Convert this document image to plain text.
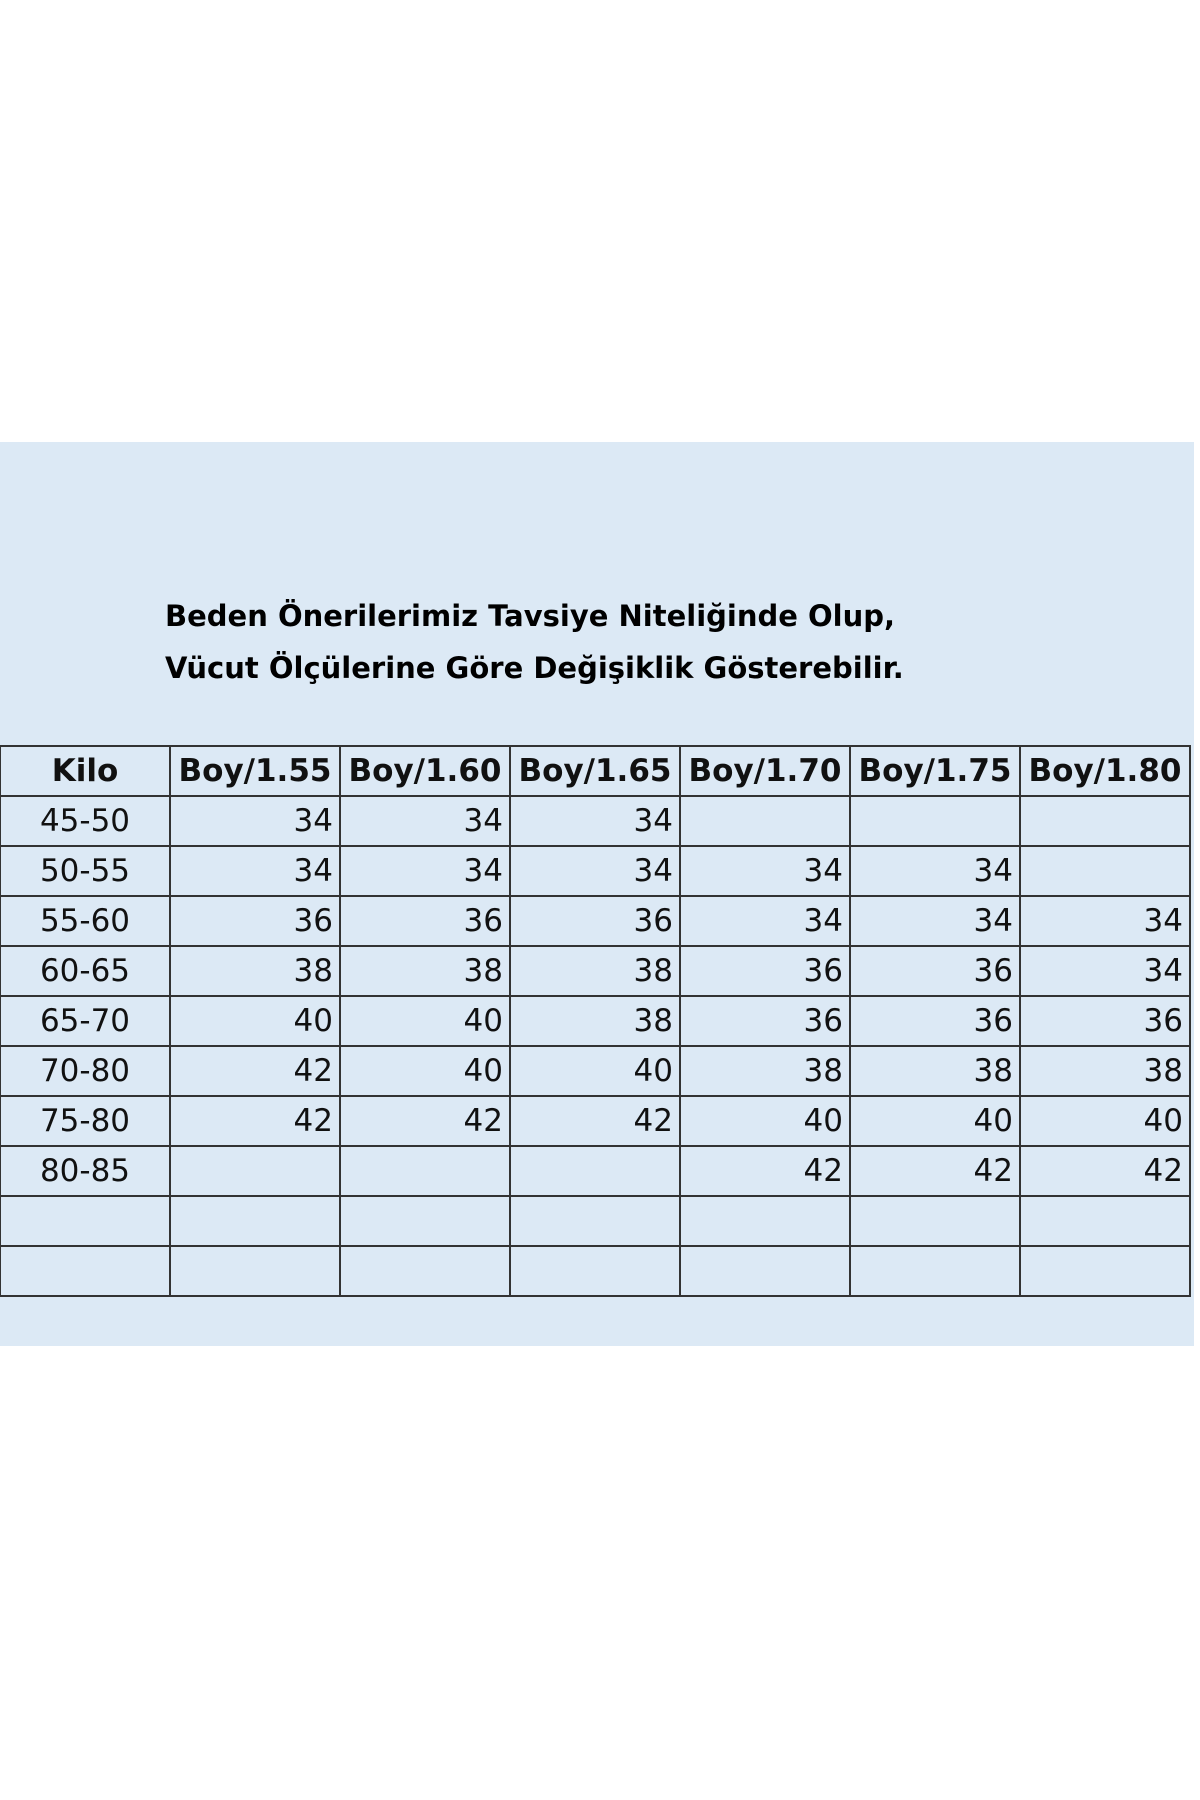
Beden Önerilerimiz Tavsiye Niteliğinde Olup,
Vücut Ölçülerine Göre Değişiklik Gösterebilir.
Kilo	Boy/1.55	Boy/1.60	Boy/1.65	Boy/1.70	Boy/1.75	Boy/1.80
45-50	34	34	34			
50-55	34	34	34	34	34	
55-60	36	36	36	34	34	34
60-65	38	38	38	36	36	34
65-70	40	40	38	36	36	36
70-80	42	40	40	38	38	38
75-80	42	42	42	40	40	40
80-85				42	42	42
